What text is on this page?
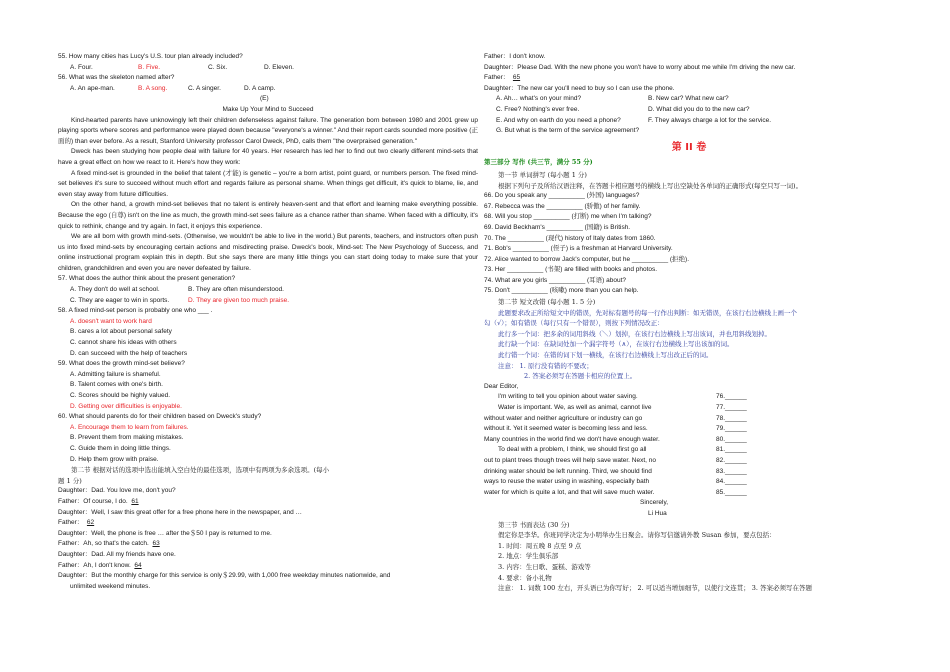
55. How many cities has Lucy's U.S. tour plan already included?
A. Four.	B. Five.	C. Six.	D. Eleven.
56. What was the skeleton named after?
A. An ape-man.	B. A song.	C. A singer.	D. A camp.
(E)
Make Up Your Mind to Succeed
Kind-hearted parents have unknowingly left their children defenseless against failure. The generation born between 1980 and 2001 grew up playing sports where scores and performance were played down because "everyone's a winner." And their report cards sounded more positive (正面的) than ever before. As a result, Stanford University professor Carol Dweck, PhD, calls them "the overpraised generation."
Dweck has been studying how people deal with failure for 40 years. Her research has led her to find out two clearly different mind-sets that have a great effect on how we react to it. Here's how they work:
A fixed mind-set is grounded in the belief that talent (才能) is genetic – you're a born artist, point guard, or numbers person. The fixed mind-set believes it's sure to succeed without much effort and regards failure as personal shame. When things get difficult, it's quick to blame, lie, and even stay away from future difficulties.
On the other hand, a growth mind-set believes that no talent is entirely heaven-sent and that effort and learning make everything possible. Because the ego (自尊) isn't on the line as much, the growth mind-set sees failure as a chance rather than shame. When faced with a difficulty, it's quick to rethink, change and try again. In fact, it enjoys this experience.
We are all born with growth mind-sets. (Otherwise, we wouldn't be able to live in the world.) But parents, teachers, and instructors often push us into fixed mind-sets by encouraging certain actions and misdirecting praise. Dweck's book, Mind-set: The New Psychology of Success, and online instructional program explain this in depth. But she says there are many little things you can start doing today to make sure that your children, grandchildren and even you are never defeated by failure.
57. What does the author think about the present generation?
A. They don't do well at school.	B. They are often misunderstood.
C. They are eager to win in sports.	D. They are given too much praise.
58. A fixed mind-set person is probably one who ___ .
A. doesn't want to work hard
B. cares a lot about personal safety
C. cannot share his ideas with others
D. can succeed with the help of teachers
59. What does the growth mind-set believe?
A. Admitting failure is shameful.
B. Talent comes with one's birth.
C. Scores should be highly valued.
D. Getting over difficulties is enjoyable.
60. What should parents do for their children based on Dweck's study?
A. Encourage them to learn from failures.
B. Prevent them from making mistakes.
C. Guide them in doing little things.
D. Help them grow with praise.
第二节 根据对话的选项中选出能填入空白处的最佳选项，选项中有两项为多余选项。(每小
题 1 分)
Daughter：Dad. You love me, don't you?
Father：Of course, I do. 61
Daughter：Well, I saw this great offer for a free phone here in the newspaper, and …
Father： 62
Daughter：Well, the phone is free … after the＄50 I pay is returned to me.
Father：Ah, so that's the catch. 63
Daughter：Dad. All my friends have one.
Father：Ah, I don't know. 64
Daughter：But the monthly charge for this service is only＄29.99, with 1,000 free weekday minutes nationwide, and
unlimited weekend minutes.
Father：I don't know.
Daughter：Please Dad. With the new phone you won't have to worry about me while I'm driving the new car.
Father： 65
Daughter：The new car you'll need to buy so I can use the phone.
A. Ah… what's on your mind?	B. New car? What new car?
C. Free? Nothing's ever free.	D. What did you do to the new car?
E. And why on earth do you need a phone?	F. They always charge a lot for the service.
G. But what is the term of the service agreement?
第 II 卷
第三部分 写作 (共三节，满分 55 分)
第一节 单词拼写 (每小题 1 分)
根据下列句子及所给汉语注释，在答题卡相应题号的横线上写出空缺处各单词的正确形式(每空只写一词)。
66. Do you speak any __________ (外国) languages?
67. Rebecca was the __________ (骄傲) of her family.
68. Will you stop __________ (打断) me when I'm talking?
69. David Beckham's __________ (国籍) is British.
70. The __________ (现代) history of Italy dates from 1860.
71. Bob's __________ (侄子) is a freshman at Harvard University.
72. Alice wanted to borrow Jack's computer, but he __________ (拒绝).
73. Her __________ (书架) are filled with books and photos.
74. What are you girls __________ (耳语) about?
75. Don't __________ (咳嗽) more than you can help.
第二节 短文改错 (每小题 1. 5 分)
此题要求改正所给短文中的错误，先对标有题号的每一行作出判断：如无错误，在该行右边横线上画一个
勾（√）；如有错误（每行只有一个错误），则按下列情况改正：
此行多一个词：把多余的词用斜线（＼）划掉，在该行右边横线上写出该词，并也用斜线划掉。
此行缺一个词：在缺词处加一个漏字符号（∧），在该行右边横线上写出该加的词。
此行错一个词：在错的词下划一横线，在该行右边横线上写出改正后的词。
注意： 1. 原行没有错的不要改；
2. 答案必须写在答题卡相应的位置上。
Dear Editor,
I'm writing to tell you opinion about water saving.	76.______
Water is important. We, as well as animal, cannot live	77.______
without water and neither agriculture or industry can go	78.______
without it. Yet it seemed water is becoming less and less.	79.______
Many countries in the world find we don't have enough water.	80.______
To deal with a problem, I think, we should first go all	81.______
out to plant trees though trees will help save water. Next, no	82.______
drinking water should be left running. Third, we should find	83.______
ways to reuse the water using in washing, especially bath	84.______
water for which is quite a lot, and that will save much water.	85.______
Sincerely,
Li Hua
第三节 书面表达 (30 分)
假定你是李华。你班同学决定为小明举办生日聚会。请你写信邀请外教 Susan 参加，要点包括：
1. 时间：周五晚 8 点至 9 点
2. 地点：学生俱乐部
3. 内容：生日歌、蛋糕、游戏等
4. 要求：备小礼物
注意： 1. 词数 100 左右，开头语已为你写好； 2. 可以适当增加细节，以使行文连贯； 3. 答案必须写在答题
